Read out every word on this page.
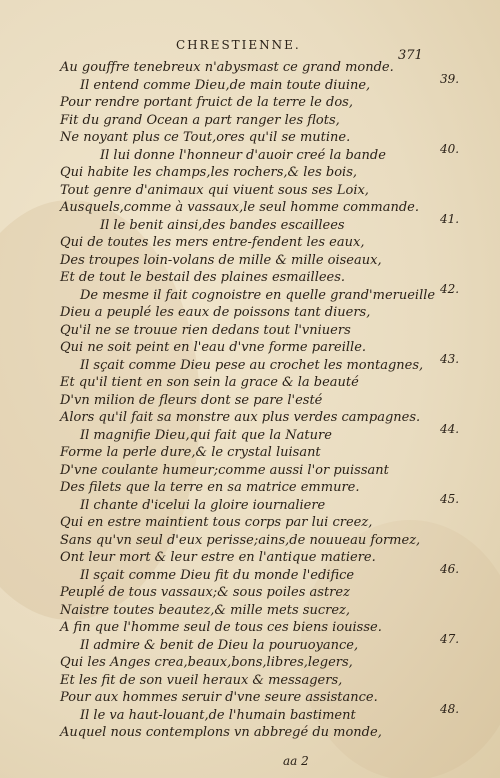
CHRESTIENNE.
371
Au gouffre tenebreux n'abysmast ce grand monde.
Il entend comme Dieu,de main toute diuine,
Pour rendre portant fruict de la terre le dos,
Fit du grand Ocean a part ranger les flots,
Ne noyant plus ce Tout,ores qu'il se mutine.
Il lui donne l'honneur d'auoir creé la bande
Qui habite les champs,les rochers,& les bois,
Tout genre d'animaux qui viuent sous ses Loix,
Ausquels,comme à vassaux,le seul homme commande.
Il le benit ainsi,des bandes escaillees
Qui de toutes les mers entre-fendent les eaux,
Des troupes loin-volans de mille & mille oiseaux,
Et de tout le bestail des plaines esmaillees.
De mesme il fait cognoistre en quelle grand'merueille
Dieu a peuplé les eaux de poissons tant diuers,
Qu'il ne se trouue rien dedans tout l'vniuers
Qui ne soit peint en l'eau d'vne forme pareille.
Il sçait comme Dieu pese au crochet les montagnes,
Et qu'il tient en son sein la grace & la beauté
D'vn milion de fleurs dont se pare l'esté
Alors qu'il fait sa monstre aux plus verdes campagnes.
Il magnifie Dieu,qui fait que la Nature
Forme la perle dure,& le crystal luisant
D'vne coulante humeur;comme aussi l'or puissant
Des filets que la terre en sa matrice emmure.
Il chante d'icelui la gloire iournaliere
Qui en estre maintient tous corps par lui creez,
Sans qu'vn seul d'eux perisse;ains,de nouueau formez,
Ont leur mort & leur estre en l'antique matiere.
Il sçait comme Dieu fit du monde l'edifice
Peuplé de tous vassaux;& sous poiles astrez
Naistre toutes beautez,& mille mets sucrez,
A fin que l'homme seul de tous ces biens iouisse.
Il admire & benit de Dieu la pouruoyance,
Qui les Anges crea,beaux,bons,libres,legers,
Et les fit de son vueil heraux & messagers,
Pour aux hommes seruir d'vne seure assistance.
Il le va haut-louant,de l'humain bastiment
Auquel nous contemplons vn abbregé du monde,
39.
40.
41.
42.
43.
44.
45.
46.
47.
48.
aa 2
